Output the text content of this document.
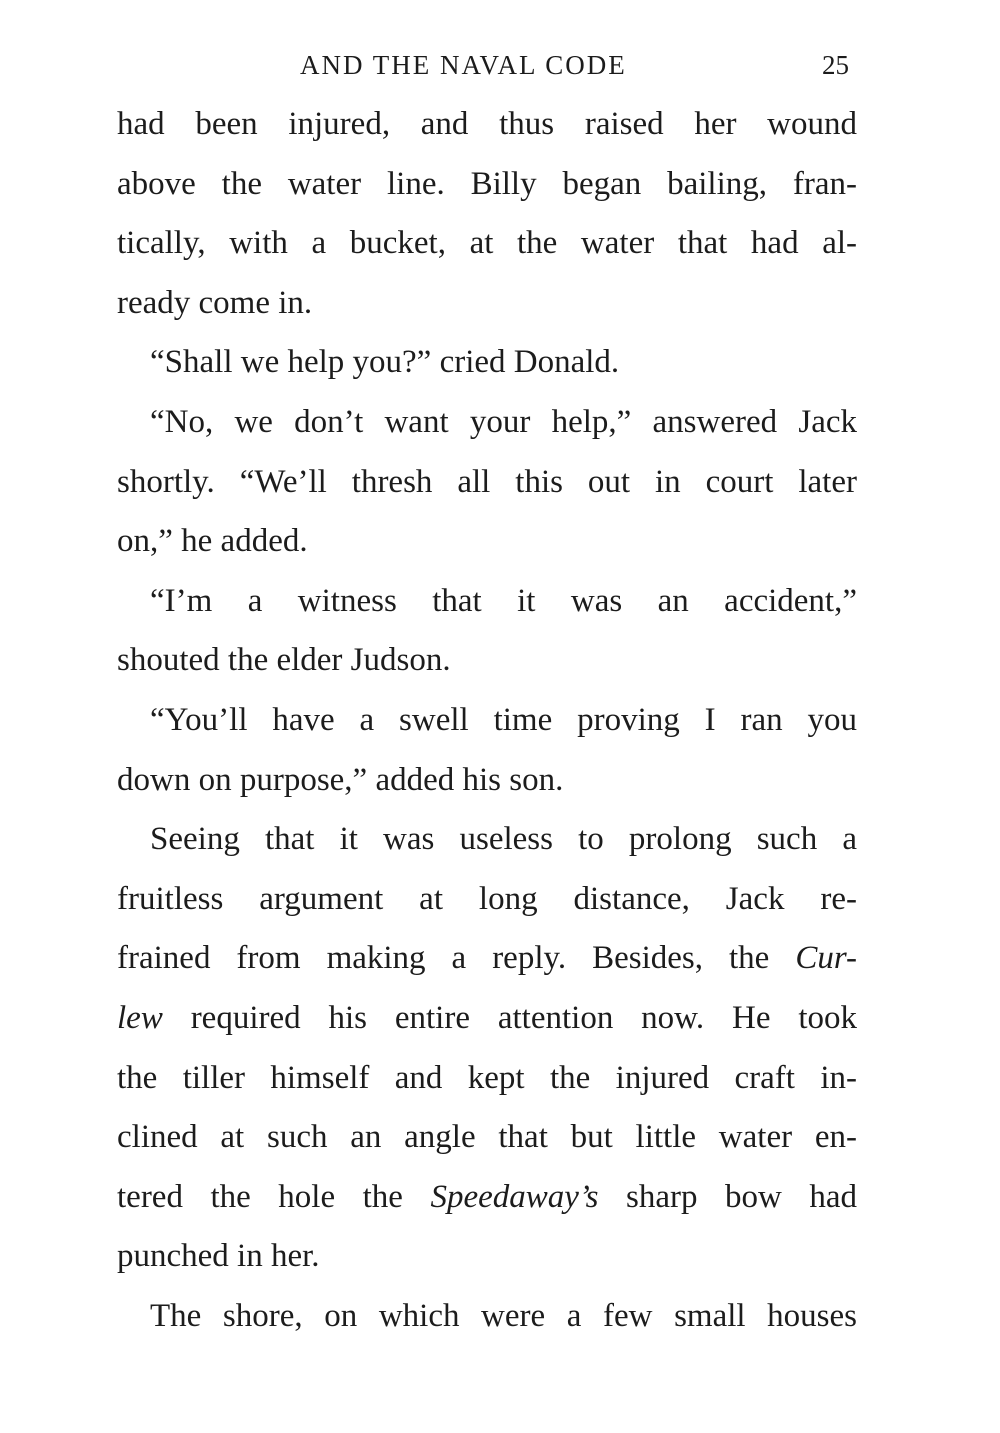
AND THE NAVAL CODE	25
had been injured, and thus raised her wound
above the water line. Billy began bailing, fran-
tically, with a bucket, at the water that had al-
ready come in.
“Shall we help you?” cried Donald.
“No, we don’t want your help,” answered Jack
shortly. “We’ll thresh all this out in court later
on,” he added.
“I’m a witness that it was an accident,”
shouted the elder Judson.
“You’ll have a swell time proving I ran you
down on purpose,” added his son.
Seeing that it was useless to prolong such a
fruitless argument at long distance, Jack re-
frained from making a reply. Besides, the Cur-
lew required his entire attention now. He took
the tiller himself and kept the injured craft in-
clined at such an angle that but little water en-
tered the hole the Speedaway’s sharp bow had
punched in her.
The shore, on which were a few small houses
